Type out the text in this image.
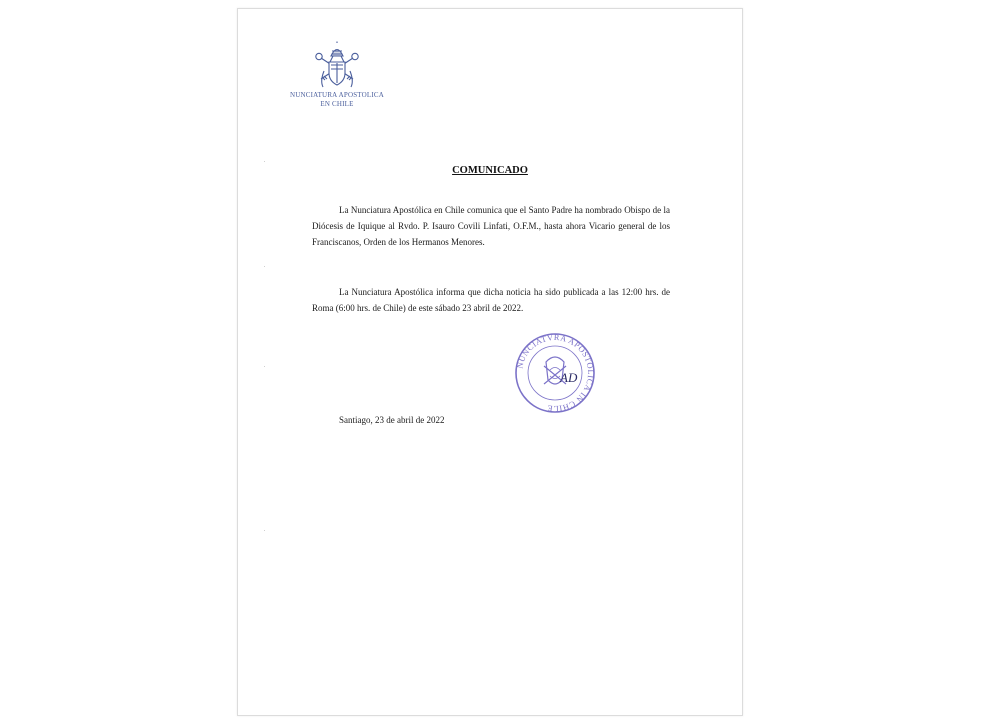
NUNCIATURA APOSTOLICA
EN CHILE
COMUNICADO

La Nunciatura Apostólica en Chile comunica que el Santo Padre ha nombrado Obispo de la Diócesis de Iquique al Rvdo. P. Isauro Covili Linfati, O.F.M., hasta ahora Vicario general de los Franciscanos, Orden de los Hermanos Menores.

La Nunciatura Apostólica informa que dicha noticia ha sido publicada a las 12:00 hrs. de Roma (6:00 hrs. de Chile) de este sábado 23 abril de 2022.

NUNCIATVRA APOSTOLICA IN CHILE
AD
Santiago, 23 de abril de 2022
